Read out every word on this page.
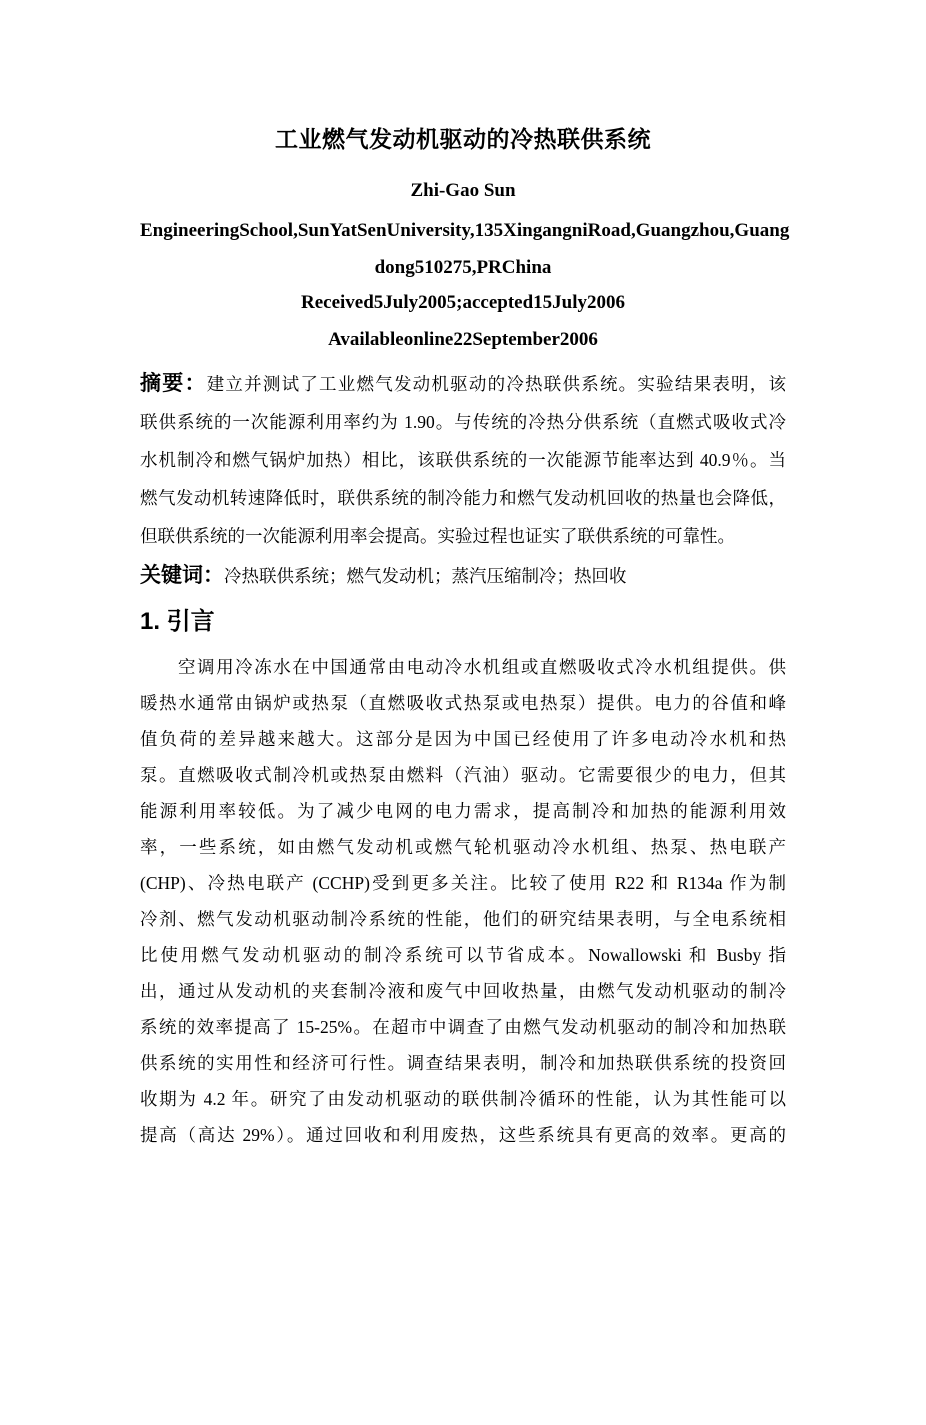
工业燃气发动机驱动的冷热联供系统
Zhi-Gao Sun
EngineeringSchool,SunYatSenUniversity,135XingangniRoad,Guangzhou,Guang
dong510275,PRChina
Received5July2005;accepted15July2006
Availableonline22September2006
摘要：建立并测试了工业燃气发动机驱动的冷热联供系统。实验结果表明，该
联供系统的一次能源利用率约为 1.90。与传统的冷热分供系统（直燃式吸收式冷
水机制冷和燃气锅炉加热）相比，该联供系统的一次能源节能率达到 40.9％。当
燃气发动机转速降低时，联供系统的制冷能力和燃气发动机回收的热量也会降低，
但联供系统的一次能源利用率会提高。实验过程也证实了联供系统的可靠性。
关键词：冷热联供系统；燃气发动机；蒸汽压缩制冷；热回收
1. 引言
空调用冷冻水在中国通常由电动冷水机组或直燃吸收式冷水机组提供。供
暖热水通常由锅炉或热泵（直燃吸收式热泵或电热泵）提供。电力的谷值和峰
值负荷的差异越来越大。这部分是因为中国已经使用了许多电动冷水机和热
泵。直燃吸收式制冷机或热泵由燃料（汽油）驱动。它需要很少的电力，但其
能源利用率较低。为了减少电网的电力需求，提高制冷和加热的能源利用效
率，一些系统，如由燃气发动机或燃气轮机驱动冷水机组、热泵、热电联产
(CHP)、冷热电联产 (CCHP)受到更多关注。比较了使用 R22 和 R134a 作为制
冷剂、燃气发动机驱动制冷系统的性能，他们的研究结果表明，与全电系统相
比使用燃气发动机驱动的制冷系统可以节省成本。Nowallowski 和 Busby 指
出，通过从发动机的夹套制冷液和废气中回收热量，由燃气发动机驱动的制冷
系统的效率提高了 15-25%。在超市中调查了由燃气发动机驱动的制冷和加热联
供系统的实用性和经济可行性。调查结果表明，制冷和加热联供系统的投资回
收期为 4.2 年。研究了由发动机驱动的联供制冷循环的性能，认为其性能可以
提高（高达 29%）。通过回收和利用废热，这些系统具有更高的效率。更高的
